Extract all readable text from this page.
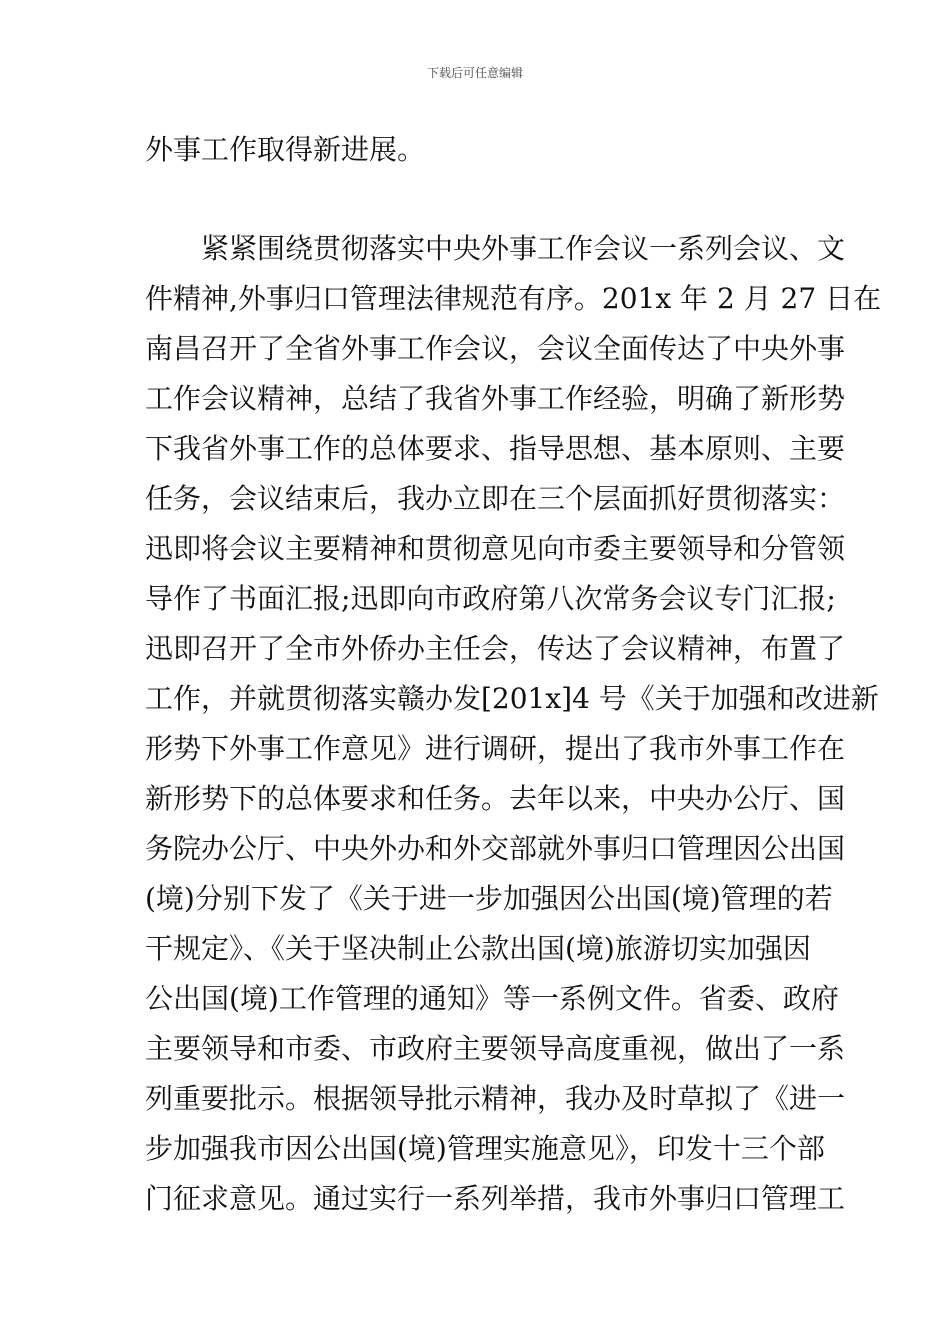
下载后可任意编辑
外事工作取得新进展。
　　紧紧围绕贯彻落实中央外事工作会议一系列会议、文
件精神,外事归口管理法律规范有序。201x 年 2 月 27 日在
南昌召开了全省外事工作会议，会议全面传达了中央外事
工作会议精神，总结了我省外事工作经验，明确了新形势
下我省外事工作的总体要求、指导思想、基本原则、主要
任务，会议结束后，我办立即在三个层面抓好贯彻落实：
迅即将会议主要精神和贯彻意见向市委主要领导和分管领
导作了书面汇报;迅即向市政府第八次常务会议专门汇报;
迅即召开了全市外侨办主任会，传达了会议精神，布置了
工作，并就贯彻落实赣办发[201x]4 号《关于加强和改进新
形势下外事工作意见》进行调研，提出了我市外事工作在
新形势下的总体要求和任务。去年以来，中央办公厅、国
务院办公厅、中央外办和外交部就外事归口管理因公出国
(境)分别下发了《关于进一步加强因公出国(境)管理的若
干规定》、《关于坚决制止公款出国(境)旅游切实加强因
公出国(境)工作管理的通知》等一系例文件。省委、政府
主要领导和市委、市政府主要领导高度重视，做出了一系
列重要批示。根据领导批示精神，我办及时草拟了《进一
步加强我市因公出国(境)管理实施意见》，印发十三个部
门征求意见。通过实行一系列举措，我市外事归口管理工
